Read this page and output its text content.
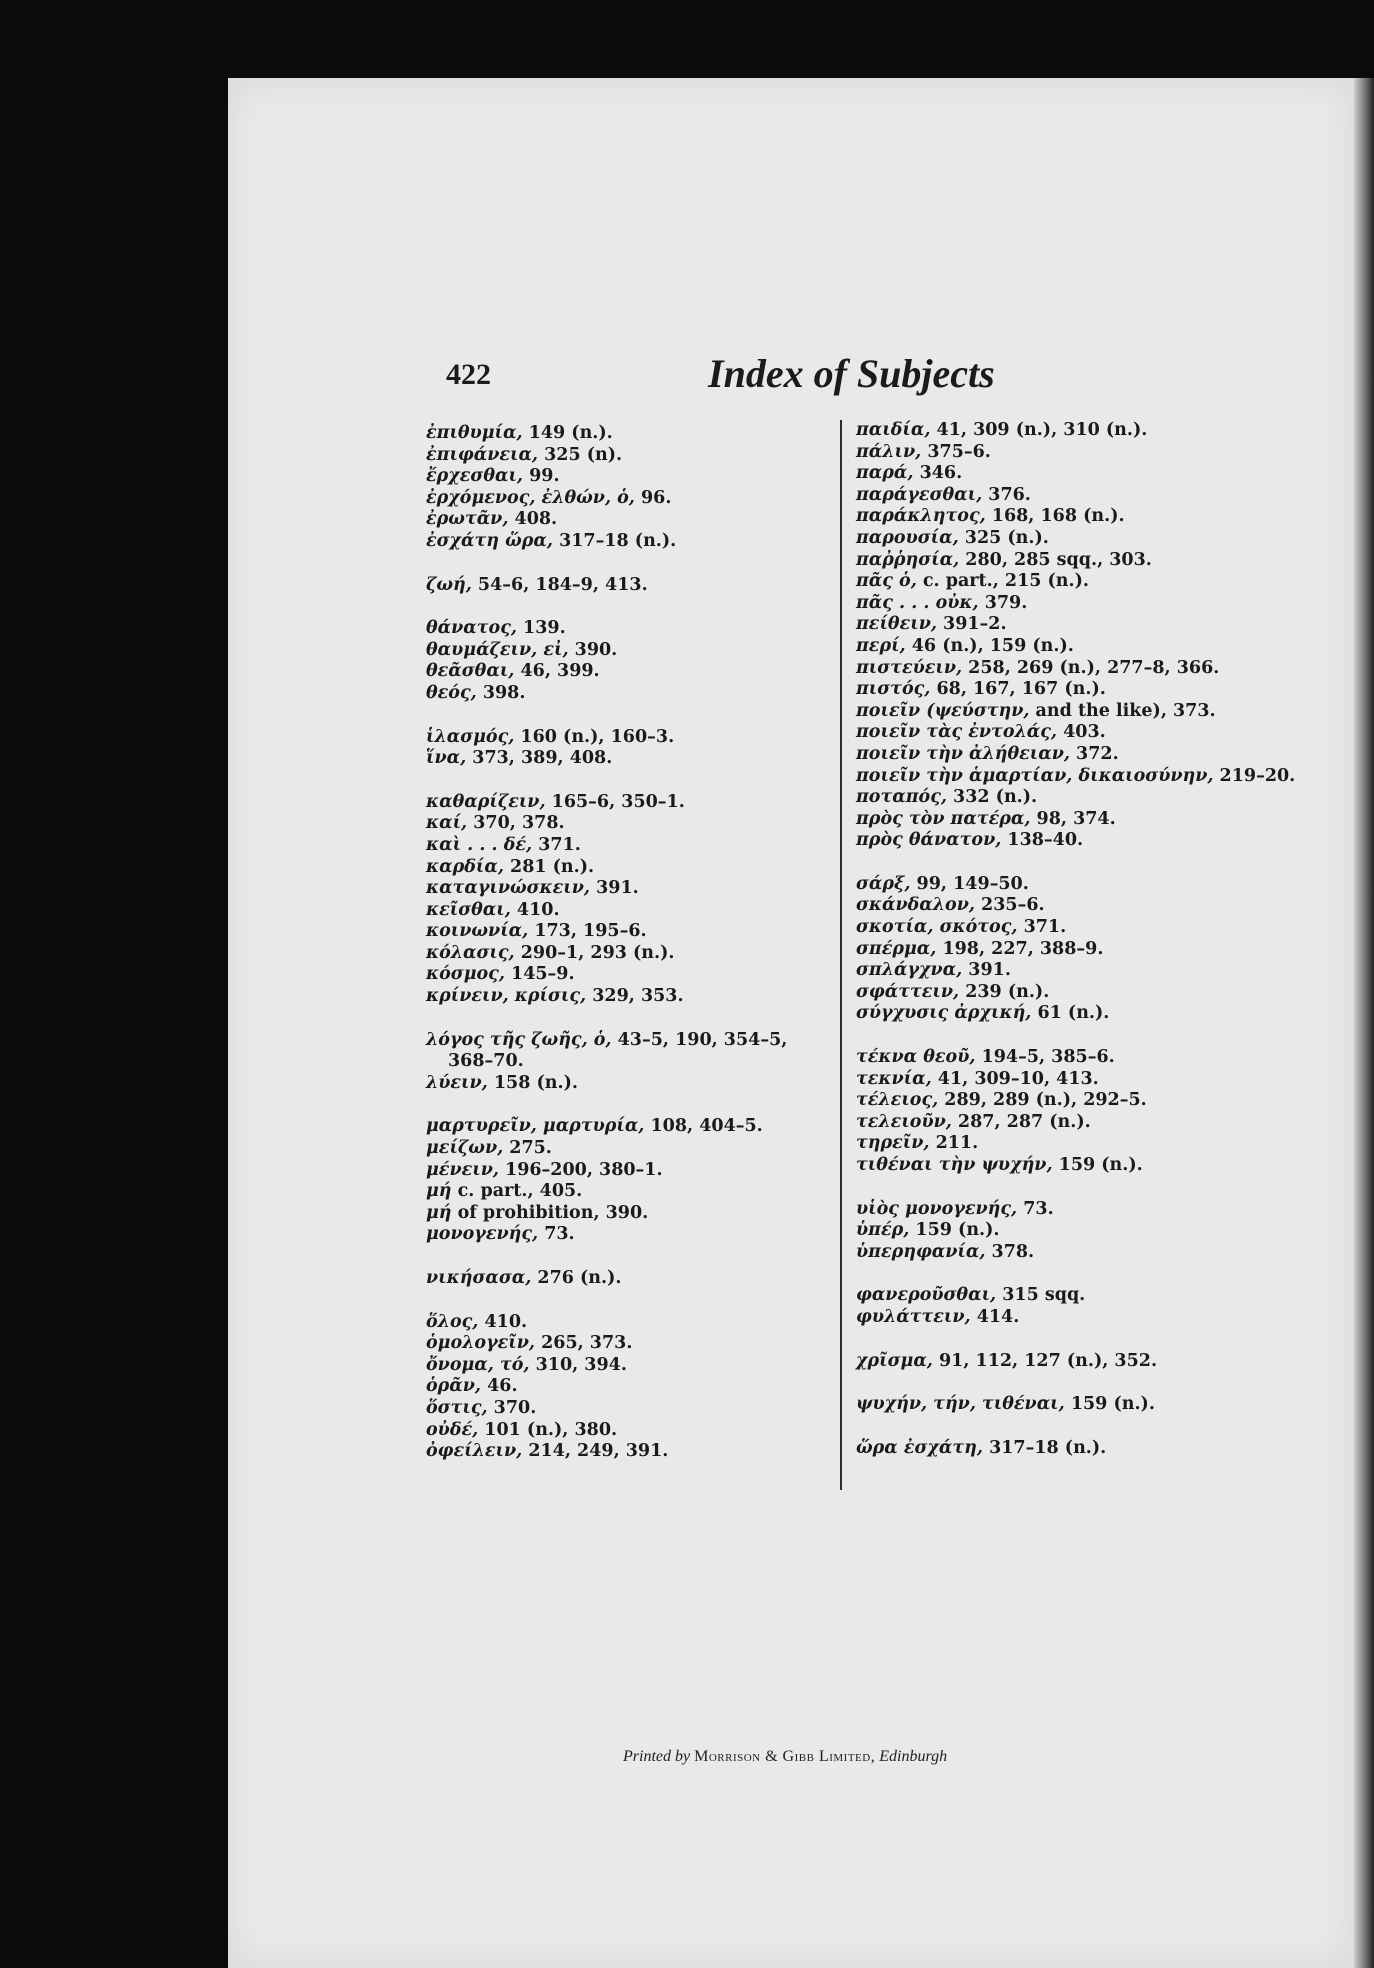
422	Index of Subjects
ἐπιθυμία, 149 (n.).
ἐπιφάνεια, 325 (n).
ἔρχεσθαι, 99.
ἐρχόμενος, ἐλθών, ὁ, 96.
ἐρωτᾶν, 408.
ἐσχάτη ὥρα, 317–18 (n.).
ζωή, 54–6, 184–9, 413.
θάνατος, 139.
θαυμάζειν, εἰ, 390.
θεᾶσθαι, 46, 399.
θεός, 398.
ἱλασμός, 160 (n.), 160–3.
ἵνα, 373, 389, 408.
καθαρίζειν, 165–6, 350–1.
καί, 370, 378.
καὶ . . . δέ, 371.
καρδία, 281 (n.).
καταγινώσκειν, 391.
κεῖσθαι, 410.
κοινωνία, 173, 195–6.
κόλασις, 290–1, 293 (n.).
κόσμος, 145–9.
κρίνειν, κρίσις, 329, 353.
λόγος τῆς ζωῆς, ὁ, 43–5, 190, 354–5,
368–70.
λύειν, 158 (n.).
μαρτυρεῖν, μαρτυρία, 108, 404–5.
μείζων, 275.
μένειν, 196–200, 380–1.
μή c. part., 405.
μή of prohibition, 390.
μονογενής, 73.
νικήσασα, 276 (n.).
ὅλος, 410.
ὁμολογεῖν, 265, 373.
ὄνομα, τό, 310, 394.
ὁρᾶν, 46.
ὅστις, 370.
οὐδέ, 101 (n.), 380.
ὀφείλειν, 214, 249, 391.
παιδία, 41, 309 (n.), 310 (n.).
πάλιν, 375–6.
παρά, 346.
παράγεσθαι, 376.
παράκλητος, 168, 168 (n.).
παρουσία, 325 (n.).
παῤῥησία, 280, 285 sqq., 303.
πᾶς ὁ, c. part., 215 (n.).
πᾶς . . . οὐκ, 379.
πείθειν, 391–2.
περί, 46 (n.), 159 (n.).
πιστεύειν, 258, 269 (n.), 277–8, 366.
πιστός, 68, 167, 167 (n.).
ποιεῖν (ψεύστην, and the like), 373.
ποιεῖν τὰς ἐντολάς, 403.
ποιεῖν τὴν ἀλήθειαν, 372.
ποιεῖν τὴν ἁμαρτίαν, δικαιοσύνην, 219–20.
ποταπός, 332 (n.).
πρὸς τὸν πατέρα, 98, 374.
πρὸς θάνατον, 138–40.
σάρξ, 99, 149–50.
σκάνδαλον, 235–6.
σκοτία, σκότος, 371.
σπέρμα, 198, 227, 388–9.
σπλάγχνα, 391.
σφάττειν, 239 (n.).
σύγχυσις ἀρχική, 61 (n.).
τέκνα θεοῦ, 194–5, 385–6.
τεκνία, 41, 309–10, 413.
τέλειος, 289, 289 (n.), 292–5.
τελειοῦν, 287, 287 (n.).
τηρεῖν, 211.
τιθέναι τὴν ψυχήν, 159 (n.).
υἱὸς μονογενής, 73.
ὑπέρ, 159 (n.).
ὑπερηφανία, 378.
φανεροῦσθαι, 315 sqq.
φυλάττειν, 414.
χρῖσμα, 91, 112, 127 (n.), 352.
ψυχήν, τήν, τιθέναι, 159 (n.).
ὥρα ἐσχάτη, 317–18 (n.).
Printed by Morrison & Gibb Limited, Edinburgh
